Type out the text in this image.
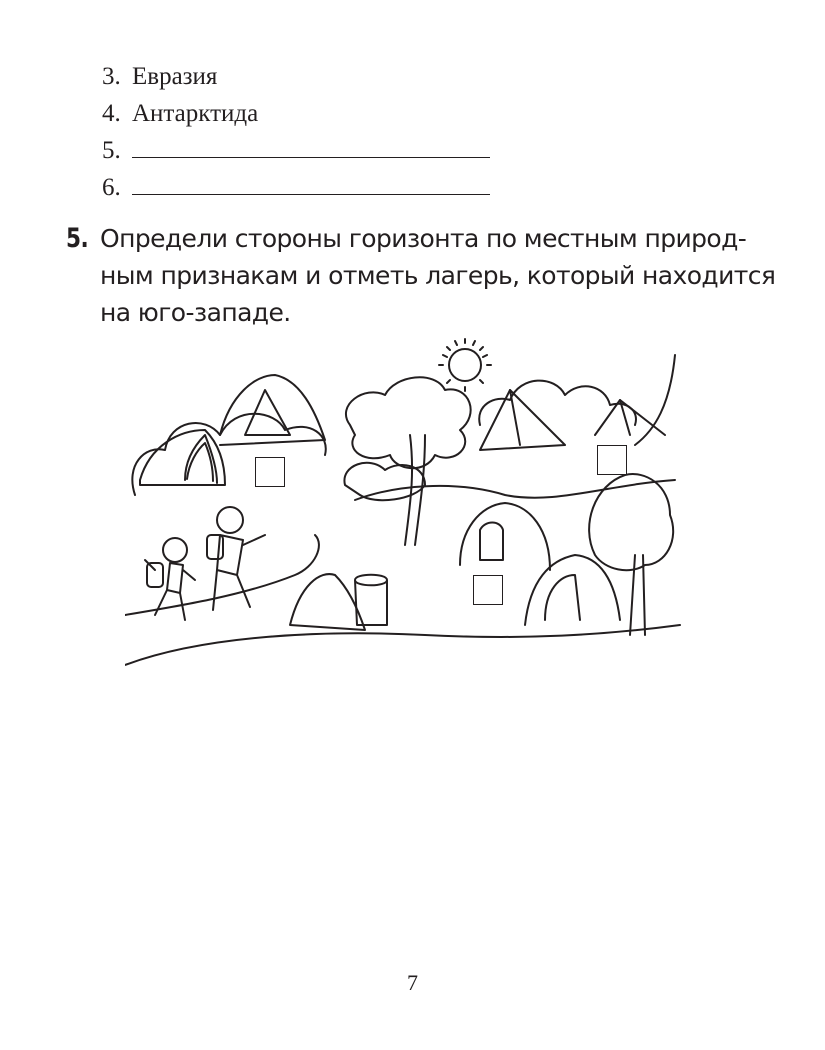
3. Евразия
4. Антарктида
5.
6.
5. Определи стороны горизонта по местным природ-
ным признакам и отметь лагерь, который находится
на юго-западе.
7
